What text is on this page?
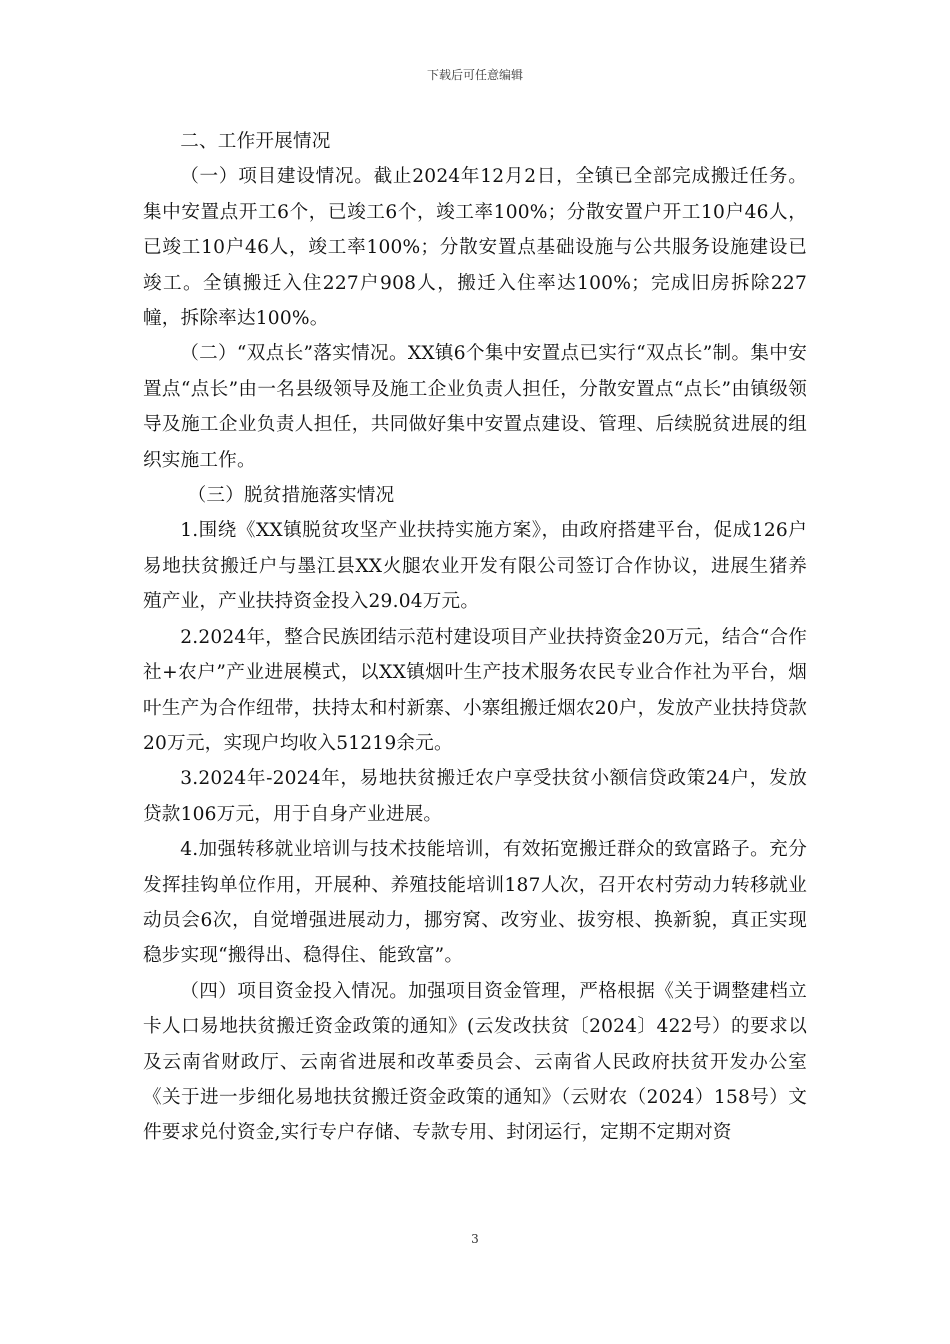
下载后可任意编辑

二、工作开展情况

（一）项目建设情况。截止2024年12月2日，全镇已全部完成搬迁任务。集中安置点开工6个，已竣工6个，竣工率100%；分散安置户开工10户46人，已竣工10户46人，竣工率100%；分散安置点基础设施与公共服务设施建设已竣工。全镇搬迁入住227户908人，搬迁入住率达100%；完成旧房拆除227幢，拆除率达100%。

（二）“双点长”落实情况。XX镇6个集中安置点已实行“双点长”制。集中安置点“点长”由一名县级领导及施工企业负责人担任，分散安置点“点长”由镇级领导及施工企业负责人担任，共同做好集中安置点建设、管理、后续脱贫进展的组织实施工作。

（三）脱贫措施落实情况

1.围绕《XX镇脱贫攻坚产业扶持实施方案》，由政府搭建平台，促成126户易地扶贫搬迁户与墨江县XX火腿农业开发有限公司签订合作协议，进展生猪养殖产业，产业扶持资金投入29.04万元。

2.2024年，整合民族团结示范村建设项目产业扶持资金20万元，结合“合作社+农户”产业进展模式，以XX镇烟叶生产技术服务农民专业合作社为平台，烟叶生产为合作纽带，扶持太和村新寨、小寨组搬迁烟农20户，发放产业扶持贷款20万元，实现户均收入51219余元。

3.2024年-2024年，易地扶贫搬迁农户享受扶贫小额信贷政策24户，发放贷款106万元，用于自身产业进展。

4.加强转移就业培训与技术技能培训，有效拓宽搬迁群众的致富路子。充分发挥挂钩单位作用，开展种、养殖技能培训187人次，召开农村劳动力转移就业动员会6次，自觉增强进展动力，挪穷窝、改穷业、拔穷根、换新貌，真正实现稳步实现“搬得出、稳得住、能致富”。

（四）项目资金投入情况。加强项目资金管理，严格根据《关于调整建档立卡人口易地扶贫搬迁资金政策的通知》(云发改扶贫〔2024〕422号）的要求以及云南省财政厅、云南省进展和改革委员会、云南省人民政府扶贫开发办公室《关于进一步细化易地扶贫搬迁资金政策的通知》（云财农（2024）158号）文件要求兑付资金,实行专户存储、专款专用、封闭运行，定期不定期对资

3
